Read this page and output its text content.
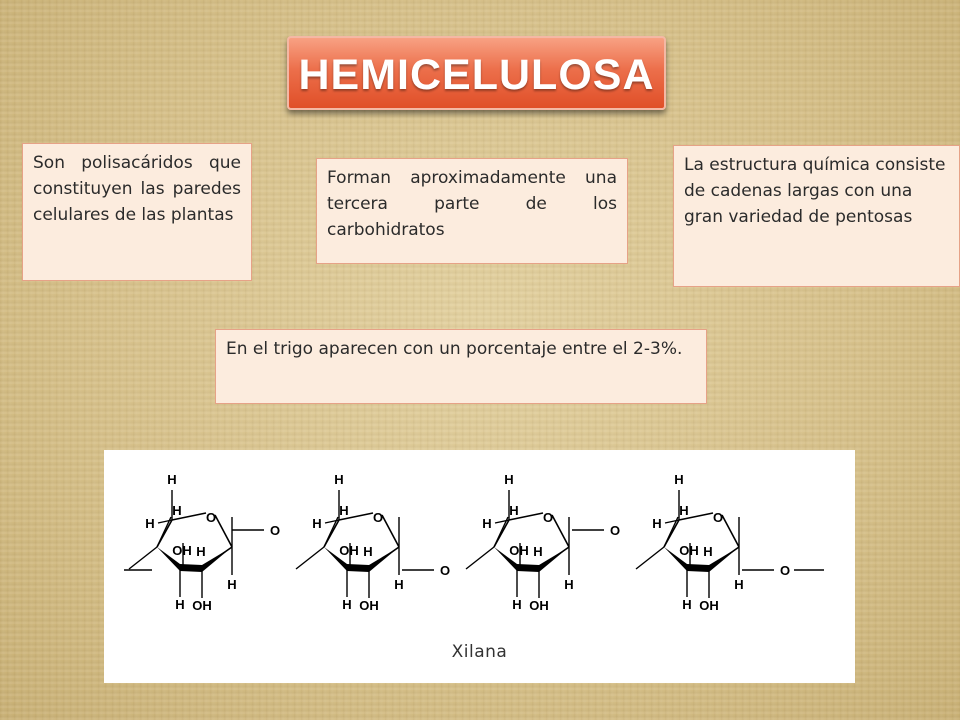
HEMICELULOSA
Son polisacáridos que constituyen las paredes celulares de las plantas
Forman aproximadamente una tercera parte de los carbohidratos
La estructura química consiste de cadenas largas con una gran variedad de pentosas
En el trigo aparecen con un porcentaje entre el 2-3%.
O
H
H
H
OH
H
H
OH
H
O
H
H
H
OH
H
H
OH
H
O
H
H
H
OH
H
H
OH
H
O
H
H
H
OH
H
H
OH
H
O
O
O
O
Xilana
